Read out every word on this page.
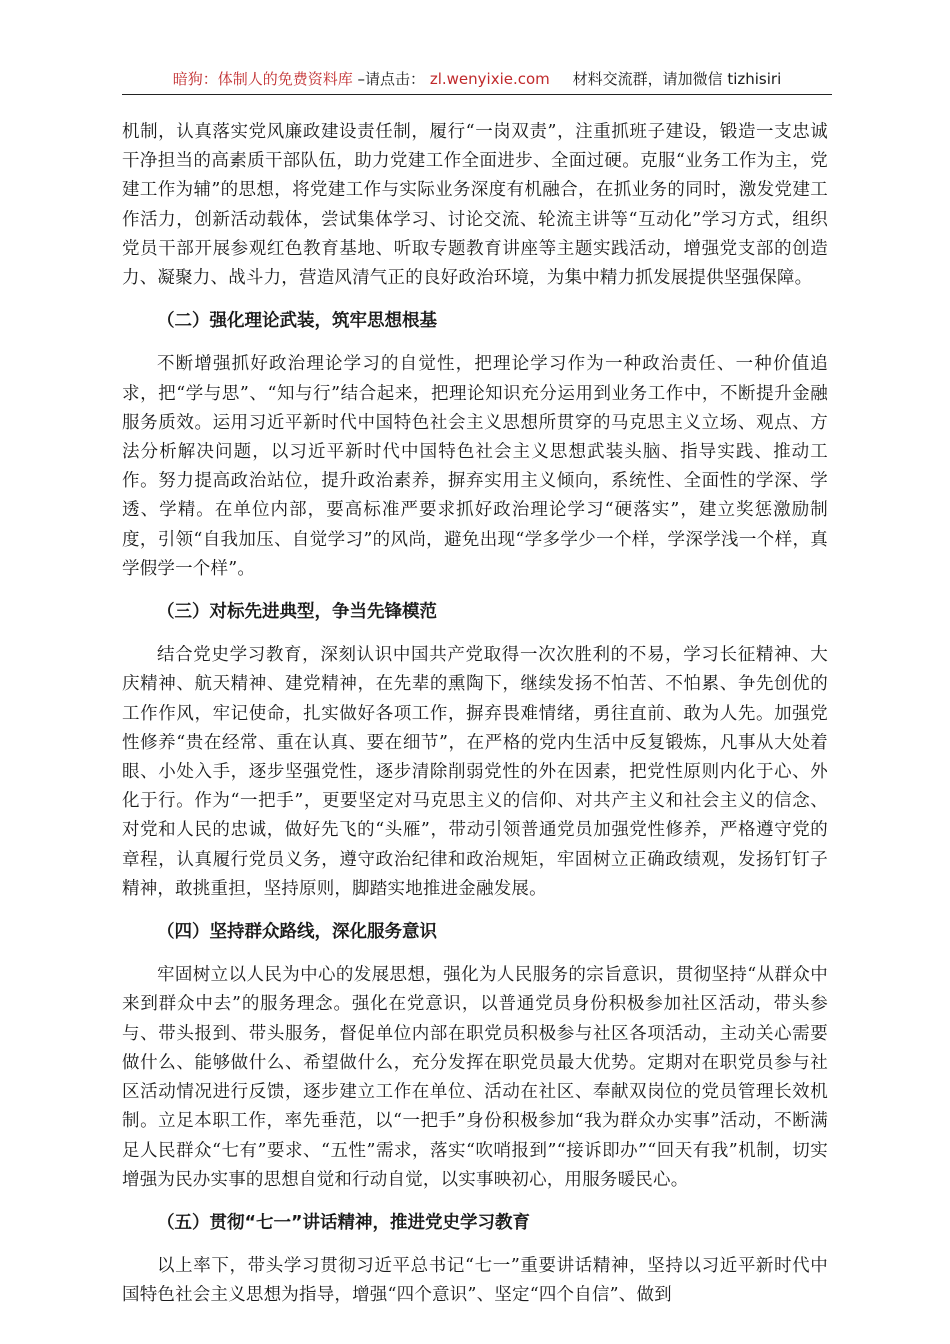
暗狗：体制人的免费资料库 –请点击： zl.wenyixie.com 材料交流群，请加微信 tizhisiri

机制，认真落实党风廉政建设责任制，履行“一岗双责”，注重抓班子建设，锻造一支忠诚干净担当的高素质干部队伍，助力党建工作全面进步、全面过硬。克服“业务工作为主，党建工作为辅”的思想，将党建工作与实际业务深度有机融合，在抓业务的同时，激发党建工作活力，创新活动载体，尝试集体学习、讨论交流、轮流主讲等“互动化”学习方式，组织党员干部开展参观红色教育基地、听取专题教育讲座等主题实践活动，增强党支部的创造力、凝聚力、战斗力，营造风清气正的良好政治环境，为集中精力抓发展提供坚强保障。

（二）强化理论武装，筑牢思想根基

不断增强抓好政治理论学习的自觉性，把理论学习作为一种政治责任、一种价值追求，把“学与思”、“知与行”结合起来，把理论知识充分运用到业务工作中，不断提升金融服务质效。运用习近平新时代中国特色社会主义思想所贯穿的马克思主义立场、观点、方法分析解决问题，以习近平新时代中国特色社会主义思想武装头脑、指导实践、推动工作。努力提高政治站位，提升政治素养，摒弃实用主义倾向，系统性、全面性的学深、学透、学精。在单位内部，要高标准严要求抓好政治理论学习“硬落实”，建立奖惩激励制度，引领“自我加压、自觉学习”的风尚，避免出现“学多学少一个样，学深学浅一个样，真学假学一个样”。

（三）对标先进典型，争当先锋模范

结合党史学习教育，深刻认识中国共产党取得一次次胜利的不易，学习长征精神、大庆精神、航天精神、建党精神，在先辈的熏陶下，继续发扬不怕苦、不怕累、争先创优的工作作风，牢记使命，扎实做好各项工作，摒弃畏难情绪，勇往直前、敢为人先。加强党性修养“贵在经常、重在认真、要在细节”，在严格的党内生活中反复锻炼，凡事从大处着眼、小处入手，逐步坚强党性，逐步清除削弱党性的外在因素，把党性原则内化于心、外化于行。作为“一把手”，更要坚定对马克思主义的信仰、对共产主义和社会主义的信念、对党和人民的忠诚，做好先飞的“头雁”，带动引领普通党员加强党性修养，严格遵守党的章程，认真履行党员义务，遵守政治纪律和政治规矩，牢固树立正确政绩观，发扬钉钉子精神，敢挑重担，坚持原则，脚踏实地推进金融发展。

（四）坚持群众路线，深化服务意识

牢固树立以人民为中心的发展思想，强化为人民服务的宗旨意识，贯彻坚持“从群众中来到群众中去”的服务理念。强化在党意识，以普通党员身份积极参加社区活动，带头参与、带头报到、带头服务，督促单位内部在职党员积极参与社区各项活动，主动关心需要做什么、能够做什么、希望做什么，充分发挥在职党员最大优势。定期对在职党员参与社区活动情况进行反馈，逐步建立工作在单位、活动在社区、奉献双岗位的党员管理长效机制。立足本职工作，率先垂范，以“一把手”身份积极参加“我为群众办实事”活动，不断满足人民群众“七有”要求、“五性”需求，落实“吹哨报到”“接诉即办”“回天有我”机制，切实增强为民办实事的思想自觉和行动自觉，以实事映初心，用服务暖民心。

（五）贯彻“七一”讲话精神，推进党史学习教育

以上率下，带头学习贯彻习近平总书记“七一”重要讲话精神，坚持以习近平新时代中国特色社会主义思想为指导，增强“四个意识”、坚定“四个自信”、做到
